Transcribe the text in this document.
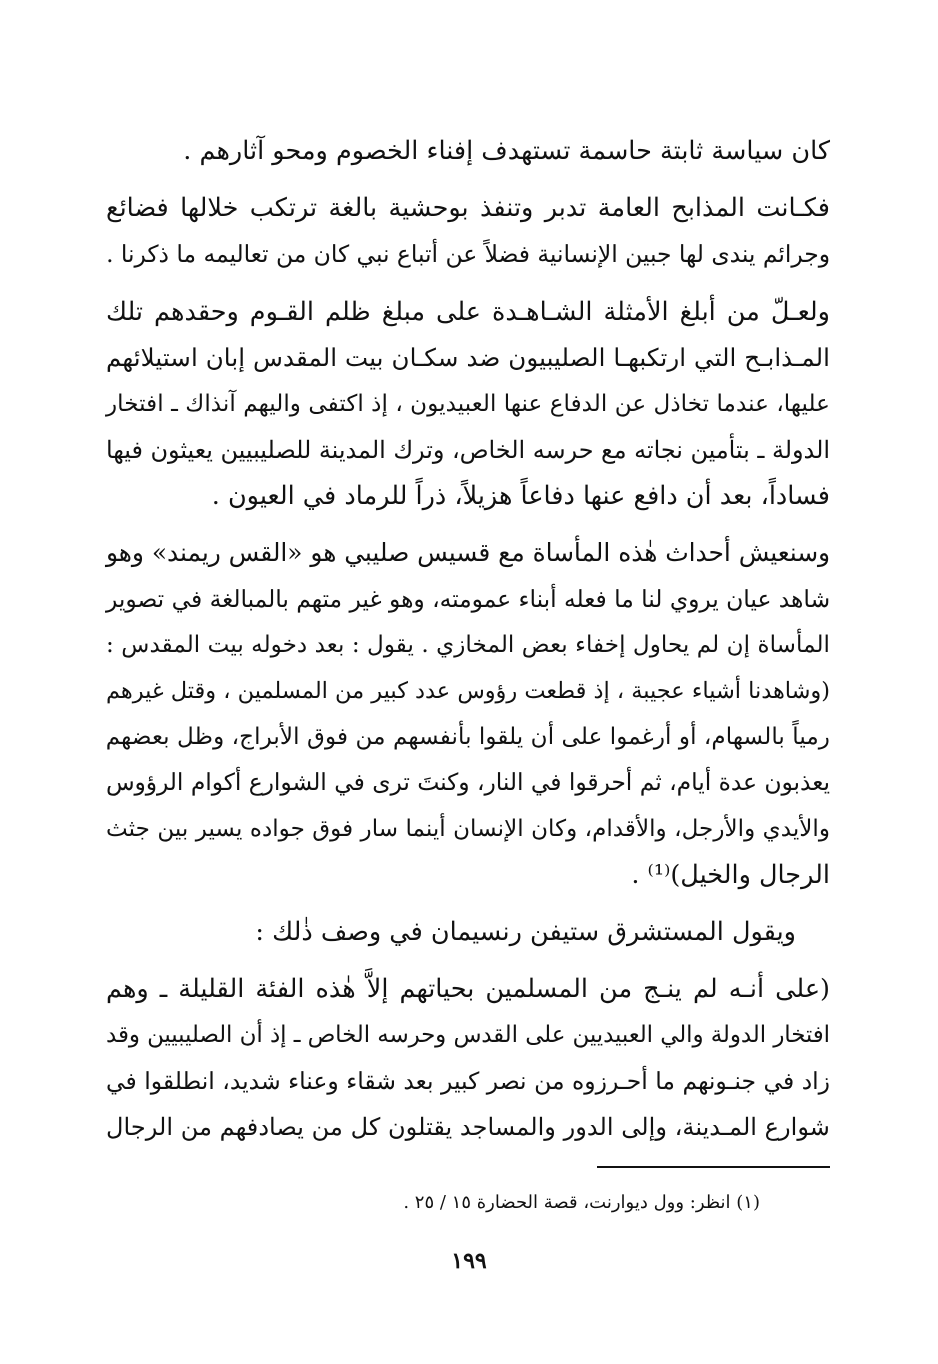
كان سياسة ثابتة حاسمة تستهدف إفناء الخصوم ومحو آثارهم .
فكـانت المذابح العامة تدبر وتنفذ بوحشية بالغة ترتكب خلالها فضائع
وجرائم يندى لها جبين الإنسانية فضلاً عن أتباع نبي كان من تعاليمه ما ذكرنا .
ولعـلّ من أبلغ الأمثلة الشـاهـدة على مبلغ ظلم القـوم وحقدهم تلك
المـذابـح التي ارتكبهـا الصليبيون ضد سكـان بيت المقدس إبان استيلائهم
عليها، عندما تخاذل عن الدفاع عنها العبيديون ، إذ اكتفى واليهم آنذاك ـ افتخار
الدولة ـ بتأمين نجاته مع حرسه الخاص، وترك المدينة للصليبيين يعيثون فيها
فساداً، بعد أن دافع عنها دفاعاً هزيلاً، ذراً للرماد في العيون .
وسنعيش أحداث هٰذه المأساة مع قسيس صليبي هو «القس ريمند» وهو
شاهد عيان يروي لنا ما فعله أبناء عمومته، وهو غير متهم بالمبالغة في تصوير
المأساة إن لم يحاول إخفاء بعض المخازي . يقول : بعد دخوله بيت المقدس :
(وشاهدنا أشياء عجيبة ، إذ قطعت رؤوس عدد كبير من المسلمين ، وقتل غيرهم
رمياً بالسهام، أو أرغموا على أن يلقوا بأنفسهم من فوق الأبراج، وظل بعضهم
يعذبون عدة أيام، ثم أحرقوا في النار، وكنتَ ترى في الشوارع أكوام الرؤوس
والأيدي والأرجل، والأقدام، وكان الإنسان أينما سار فوق جواده يسير بين جثث
الرجال والخيل)⁽¹⁾ .
ويقول المستشرق ستيفن رنسيمان في وصف ذٰلك :
(على أنـه لم ينـج من المسلمين بحياتهم إلاَّ هٰذه الفئة القليلة ـ وهم
افتخار الدولة والي العبيديين على القدس وحرسه الخاص ـ إذ أن الصليبيين وقد
زاد في جنـونهم ما أحـرزوه من نصر كبير بعد شقاء وعناء شديد، انطلقوا في
شوارع المـدينة، وإلى الدور والمساجد يقتلون كل من يصادفهم من الرجال
(١) انظر: وول ديوارنت، قصة الحضارة ١٥ / ٢٥ .
١٩٩
